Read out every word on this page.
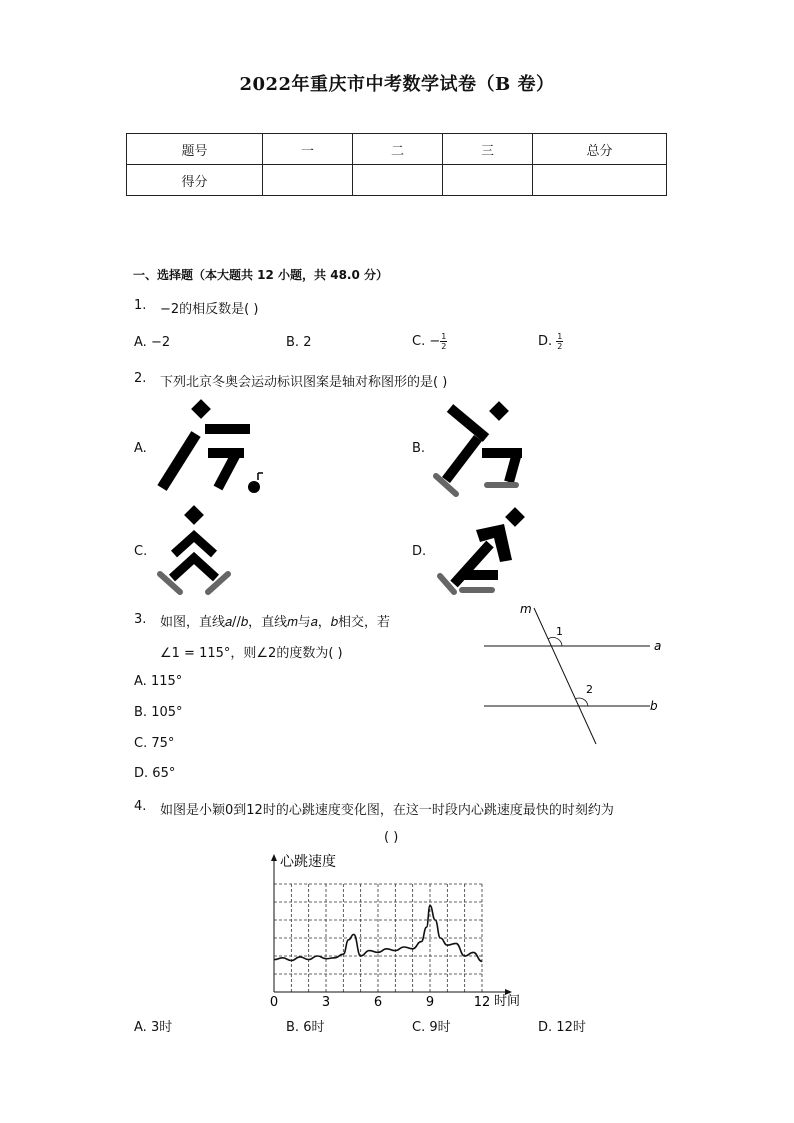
2022年重庆市中考数学试卷（B 卷）
题号	一	二	三	总分
得分				
一、选择题（本大题共 12 小题，共 48.0 分）
1. −2的相反数是( )
A. −2	B. 2	C. − $\frac{1}{2}$	D. $\frac{1}{2}$
2. 下列北京冬奥会运动标识图案是轴对称图形的是( )
A.	B.
C.	D.
3. 如图，直线𝑎//𝑏，直线𝑚与𝑎，𝑏相交，若
∠1 = 115°，则∠2的度数为( )
A. 115°
B. 105°
C. 75°
D. 65°
m
a
b
1
2
4. 如图是小颖0到12时的心跳速度变化图，在这一时段内心跳速度最快的时刻约为
( )
心跳速度
时间
0	3	6	9	12
A. 3时	B. 6时	C. 9时	D. 12时
